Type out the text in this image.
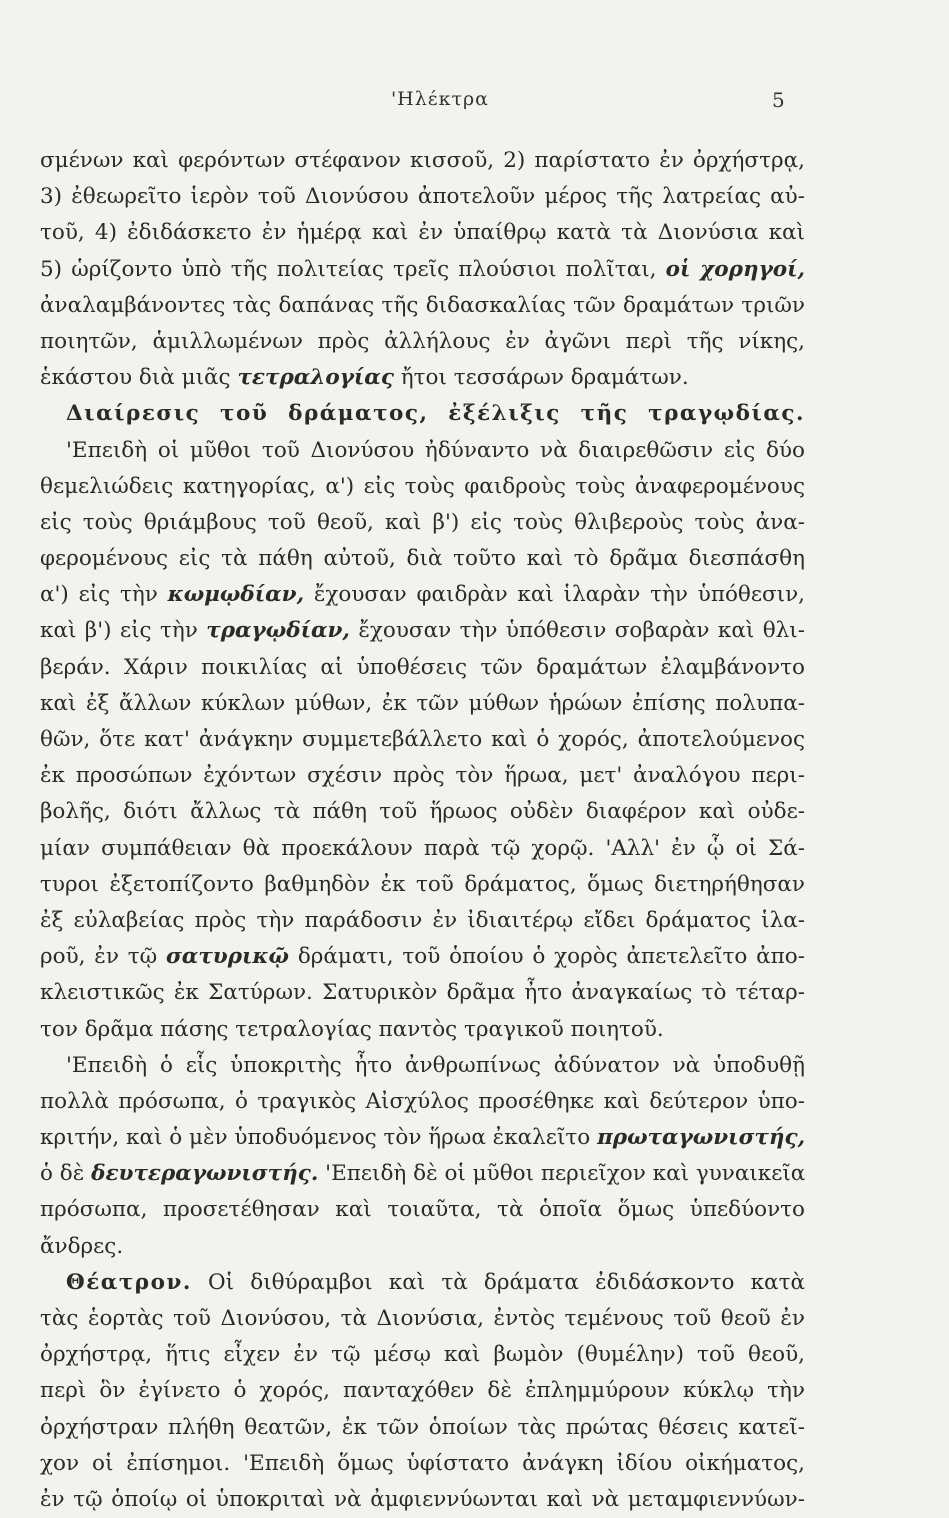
'Ηλέκτρα	5
σμένων καὶ φερόντων στέφανον κισσοῦ, 2) παρίστατο ἐν ὀρχήστρᾳ,
3) ἐθεωρεῖτο ἱερὸν τοῦ Διονύσου ἀποτελοῦν μέρος τῆς λατρείας αὐ-
τοῦ, 4) ἐδιδάσκετο ἐν ἡμέρᾳ καὶ ἐν ὑπαίθρῳ κατὰ τὰ Διονύσια καὶ
5) ὡρίζοντο ὑπὸ τῆς πολιτείας τρεῖς πλούσιοι πολῖται, οἱ χορηγοί,
ἀναλαμβάνοντες τὰς δαπάνας τῆς διδασκαλίας τῶν δραμάτων τριῶν
ποιητῶν, ἁμιλλωμένων πρὸς ἀλλήλους ἐν ἀγῶνι περὶ τῆς νίκης,
ἑκάστου διὰ μιᾶς τετραλογίας ἤτοι τεσσάρων δραμάτων.
Διαίρεσις τοῦ δράματος, ἐξέλιξις τῆς τραγῳδίας.
'Επειδὴ οἱ μῦθοι τοῦ Διονύσου ἠδύναντο νὰ διαιρεθῶσιν εἰς δύο
θεμελιώδεις κατηγορίας, α') εἰς τοὺς φαιδροὺς τοὺς ἀναφερομένους
εἰς τοὺς θριάμβους τοῦ θεοῦ, καὶ β') εἰς τοὺς θλιβεροὺς τοὺς ἀνα-
φερομένους εἰς τὰ πάθη αὐτοῦ, διὰ τοῦτο καὶ τὸ δρᾶμα διεσπάσθη
α') εἰς τὴν κωμῳδίαν, ἔχουσαν φαιδρὰν καὶ ἱλαρὰν τὴν ὑπόθεσιν,
καὶ β') εἰς τὴν τραγῳδίαν, ἔχουσαν τὴν ὑπόθεσιν σοβαρὰν καὶ θλι-
βεράν. Χάριν ποικιλίας αἱ ὑποθέσεις τῶν δραμάτων ἐλαμβάνοντο
καὶ ἐξ ἄλλων κύκλων μύθων, ἐκ τῶν μύθων ἡρώων ἐπίσης πολυπα-
θῶν, ὅτε κατ' ἀνάγκην συμμετεβάλλετο καὶ ὁ χορός, ἀποτελούμενος
ἐκ προσώπων ἐχόντων σχέσιν πρὸς τὸν ἥρωα, μετ' ἀναλόγου περι-
βολῆς, διότι ἄλλως τὰ πάθη τοῦ ἥρωος οὐδὲν διαφέρον καὶ οὐδε-
μίαν συμπάθειαν θὰ προεκάλουν παρὰ τῷ χορῷ. 'Αλλ' ἐν ᾧ οἱ Σά-
τυροι ἐξετοπίζοντο βαθμηδὸν ἐκ τοῦ δράματος, ὅμως διετηρήθησαν
ἐξ εὐλαβείας πρὸς τὴν παράδοσιν ἐν ἰδιαιτέρῳ εἴδει δράματος ἱλα-
ροῦ, ἐν τῷ σατυρικῷ δράματι, τοῦ ὁποίου ὁ χορὸς ἀπετελεῖτο ἀπο-
κλειστικῶς ἐκ Σατύρων. Σατυρικὸν δρᾶμα ἦτο ἀναγκαίως τὸ τέταρ-
τον δρᾶμα πάσης τετραλογίας παντὸς τραγικοῦ ποιητοῦ.
'Επειδὴ ὁ εἷς ὑποκριτὴς ἦτο ἀνθρωπίνως ἀδύνατον νὰ ὑποδυθῇ
πολλὰ πρόσωπα, ὁ τραγικὸς Αἰσχύλος προσέθηκε καὶ δεύτερον ὑπο-
κριτήν, καὶ ὁ μὲν ὑποδυόμενος τὸν ἥρωα ἐκαλεῖτο πρωταγωνιστής,
ὁ δὲ δευτεραγωνιστής. 'Επειδὴ δὲ οἱ μῦθοι περιεῖχον καὶ γυναικεῖα
πρόσωπα, προσετέθησαν καὶ τοιαῦτα, τὰ ὁποῖα ὅμως ὑπεδύοντο
ἄνδρες.
Θέατρον. Οἱ διθύραμβοι καὶ τὰ δράματα ἐδιδάσκοντο κατὰ
τὰς ἑορτὰς τοῦ Διονύσου, τὰ Διονύσια, ἐντὸς τεμένους τοῦ θεοῦ ἐν
ὀρχήστρᾳ, ἥτις εἶχεν ἐν τῷ μέσῳ καὶ βωμὸν (θυμέλην) τοῦ θεοῦ,
περὶ ὃν ἐγίνετο ὁ χορός, πανταχόθεν δὲ ἐπλημμύρουν κύκλῳ τὴν
ὀρχήστραν πλήθη θεατῶν, ἐκ τῶν ὁποίων τὰς πρώτας θέσεις κατεῖ-
χον οἱ ἐπίσημοι. 'Επειδὴ ὅμως ὑφίστατο ἀνάγκη ἰδίου οἰκήματος,
ἐν τῷ ὁποίῳ οἱ ὑποκριταὶ νὰ ἀμφιεννύωνται καὶ νὰ μεταμφιεννύων-
